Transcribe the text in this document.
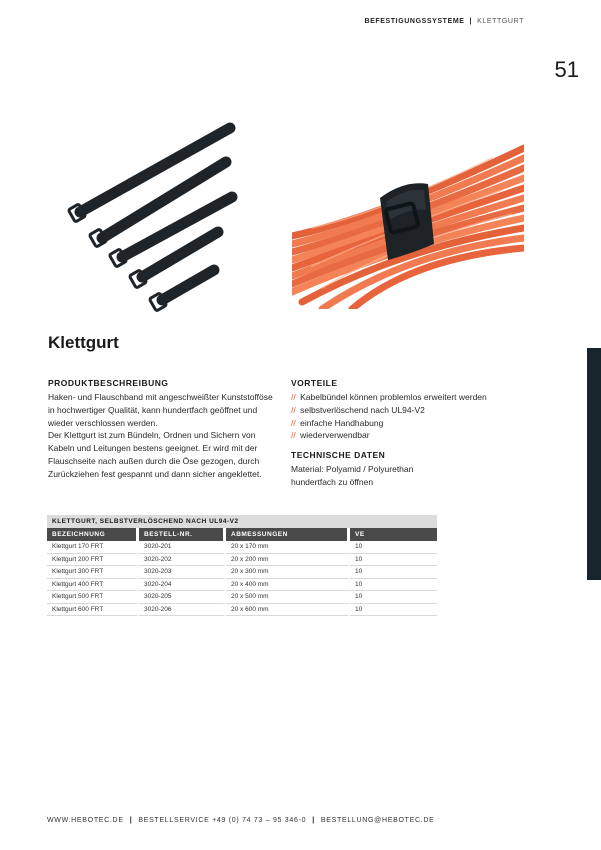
BEFESTIGUNGSSYSTEME | KLETTGURT
51
Klettgurt
PRODUKTBESCHREIBUNG

Haken- und Flauschband mit angeschweißter Kunststofföse in hochwertiger Qualität, kann hundertfach geöffnet und wieder verschlossen werden.

Der Klettgurt ist zum Bündeln, Ordnen und Sichern von Kabeln und Leitungen bestens geeignet. Er wird mit der Flauschseite nach außen durch die Öse gezogen, durch Zurückziehen fest gespannt und dann sicher angeklettet.

VORTEILE
// Kabelbündel können problemlos erweitert werden
// selbstverlöschend nach UL94-V2
// einfache Handhabung
// wiederverwendbar
TECHNISCHE DATEN

Material: Polyamid / Polyurethan

hundertfach zu öffnen

KLETTGURT, SELBSTVERLÖSCHEND NACH UL94-V2
BEZEICHNUNG	BESTELL-NR.	ABMESSUNGEN	VE
Klettgurt 170 FRT	3020-201	20 x 170 mm	10
Klettgurt 200 FRT	3020-202	20 x 200 mm	10
Klettgurt 300 FRT	3020-203	20 x 300 mm	10
Klettgurt 400 FRT	3020-204	20 x 400 mm	10
Klettgurt 500 FRT	3020-205	20 x 500 mm	10
Klettgurt 600 FRT	3020-206	20 x 600 mm	10
WWW.HEBOTEC.DE | BESTELLSERVICE +49 (0) 74 73 – 95 346-0 | BESTELLUNG@HEBOTEC.DE
